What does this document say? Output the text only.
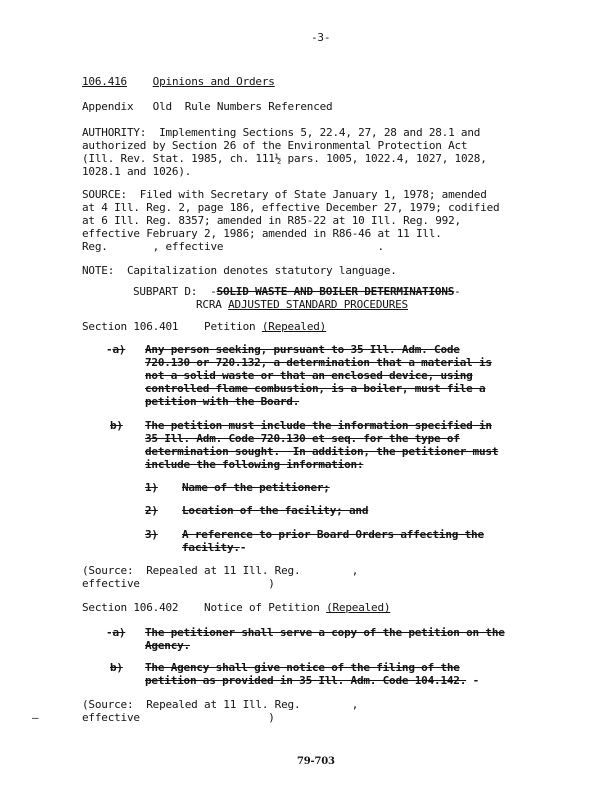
-3-
106.416 Opinions and Orders
Appendix   Old  Rule Numbers Referenced
AUTHORITY:  Implementing Sections 5, 22.4, 27, 28 and 28.1 and
authorized by Section 26 of the Environmental Protection Act
(Ill. Rev. Stat. 1985, ch. 111½ pars. 1005, 1022.4, 1027, 1028,
1028.1 and 1026).
SOURCE:  Filed with Secretary of State January 1, 1978; amended
at 4 Ill. Reg. 2, page 186, effective December 27, 1979; codified
at 6 Ill. Reg. 8357; amended in R85-22 at 10 Ill. Reg. 992,
effective February 2, 1986; amended in R86-46 at 11 Ill.
Reg.       , effective                        .
NOTE:  Capitalization denotes statutory language.
SUBPART D: -SOLID WASTE AND BOILER DETERMINATIONS-
RCRA ADJUSTED STANDARD PROCEDURES
Section 106.401 Petition (Repealed)
-a) Any person seeking, pursuant to 35 Ill. Adm. Code
720.130 or 720.132, a determination that a material is
not a solid waste or that an enclosed device, using
controlled flame combustion, is a boiler, must file a
petition with the Board.
b) The petition must include the information specified in
35 Ill. Adm. Code 720.130 et seq. for the type of
determination sought.  In addition, the petitioner must
include the following information:
1) Name of the petitioner;
2) Location of the facility; and
3) A reference to prior Board Orders affecting the
facility.-
(Source:  Repealed at 11 Ill. Reg.        ,
effective                    )
Section 106.402 Notice of Petition (Repealed)
-a) The petitioner shall serve a copy of the petition on the
Agency.
b) The Agency shall give notice of the filing of the
petition as provided in 35 Ill. Adm. Code 104.142. -
(Source:  Repealed at 11 Ill. Reg.        ,
—	effective                    )
79-703
